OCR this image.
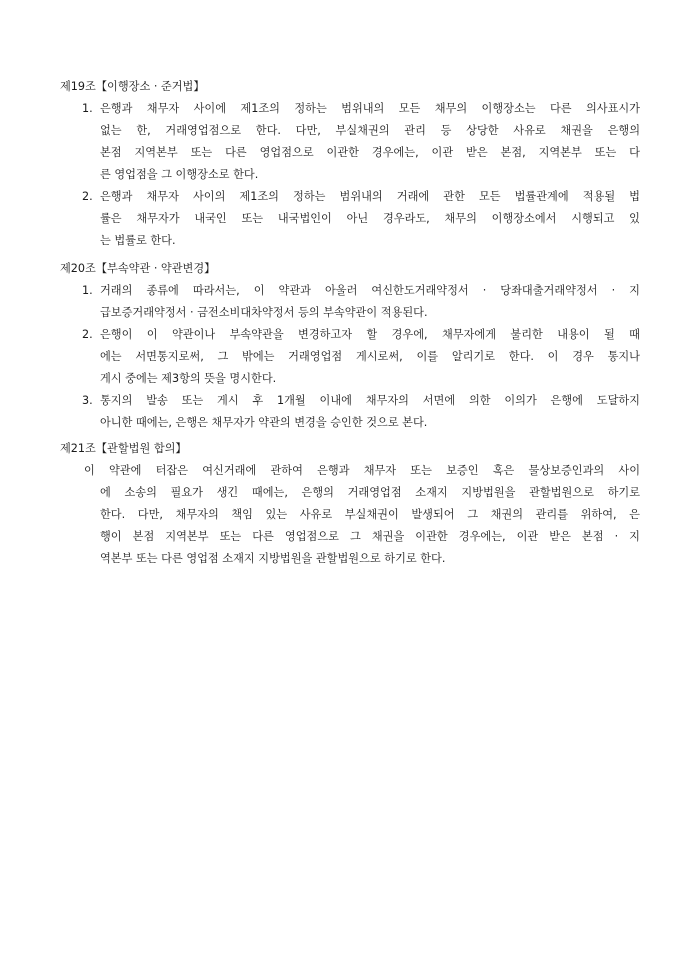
제19조【이행장소 · 준거법】
1. 은행과 채무자 사이에 제1조의 정하는 범위내의 모든 채무의 이행장소는 다른 의사표시가
없는 한, 거래영업점으로 한다. 다만, 부실채권의 관리 등 상당한 사유로 채권을 은행의
본점 지역본부 또는 다른 영업점으로 이관한 경우에는, 이관 받은 본점, 지역본부 또는 다
른 영업점을 그 이행장소로 한다.
2. 은행과 채무자 사이의 제1조의 정하는 범위내의 거래에 관한 모든 법률관계에 적용될 법
률은 채무자가 내국인 또는 내국법인이 아닌 경우라도, 채무의 이행장소에서 시행되고 있
는 법률로 한다.
제20조【부속약관 · 약관변경】
1. 거래의 종류에 따라서는, 이 약관과 아울러 여신한도거래약정서 · 당좌대출거래약정서 · 지
급보증거래약정서 · 금전소비대차약정서 등의 부속약관이 적용된다.
2. 은행이 이 약관이나 부속약관을 변경하고자 할 경우에, 채무자에게 불리한 내용이 될 때
에는 서면통지로써, 그 밖에는 거래영업점 게시로써, 이를 알리기로 한다. 이 경우 통지나
게시 중에는 제3항의 뜻을 명시한다.
3. 통지의 발송 또는 게시 후 1개월 이내에 채무자의 서면에 의한 이의가 은행에 도달하지
아니한 때에는, 은행은 채무자가 약관의 변경을 승인한 것으로 본다.
제21조【관할법원 합의】
이 약관에 터잡은 여신거래에 관하여 은행과 채무자 또는 보증인 혹은 물상보증인과의 사이
에 소송의 필요가 생긴 때에는, 은행의 거래영업점 소재지 지방법원을 관할법원으로 하기로
한다. 다만, 채무자의 책임 있는 사유로 부실채권이 발생되어 그 채권의 관리를 위하여, 은
행이 본점 지역본부 또는 다른 영업점으로 그 채권을 이관한 경우에는, 이관 받은 본점 · 지
역본부 또는 다른 영업점 소재지 지방법원을 관할법원으로 하기로 한다.
